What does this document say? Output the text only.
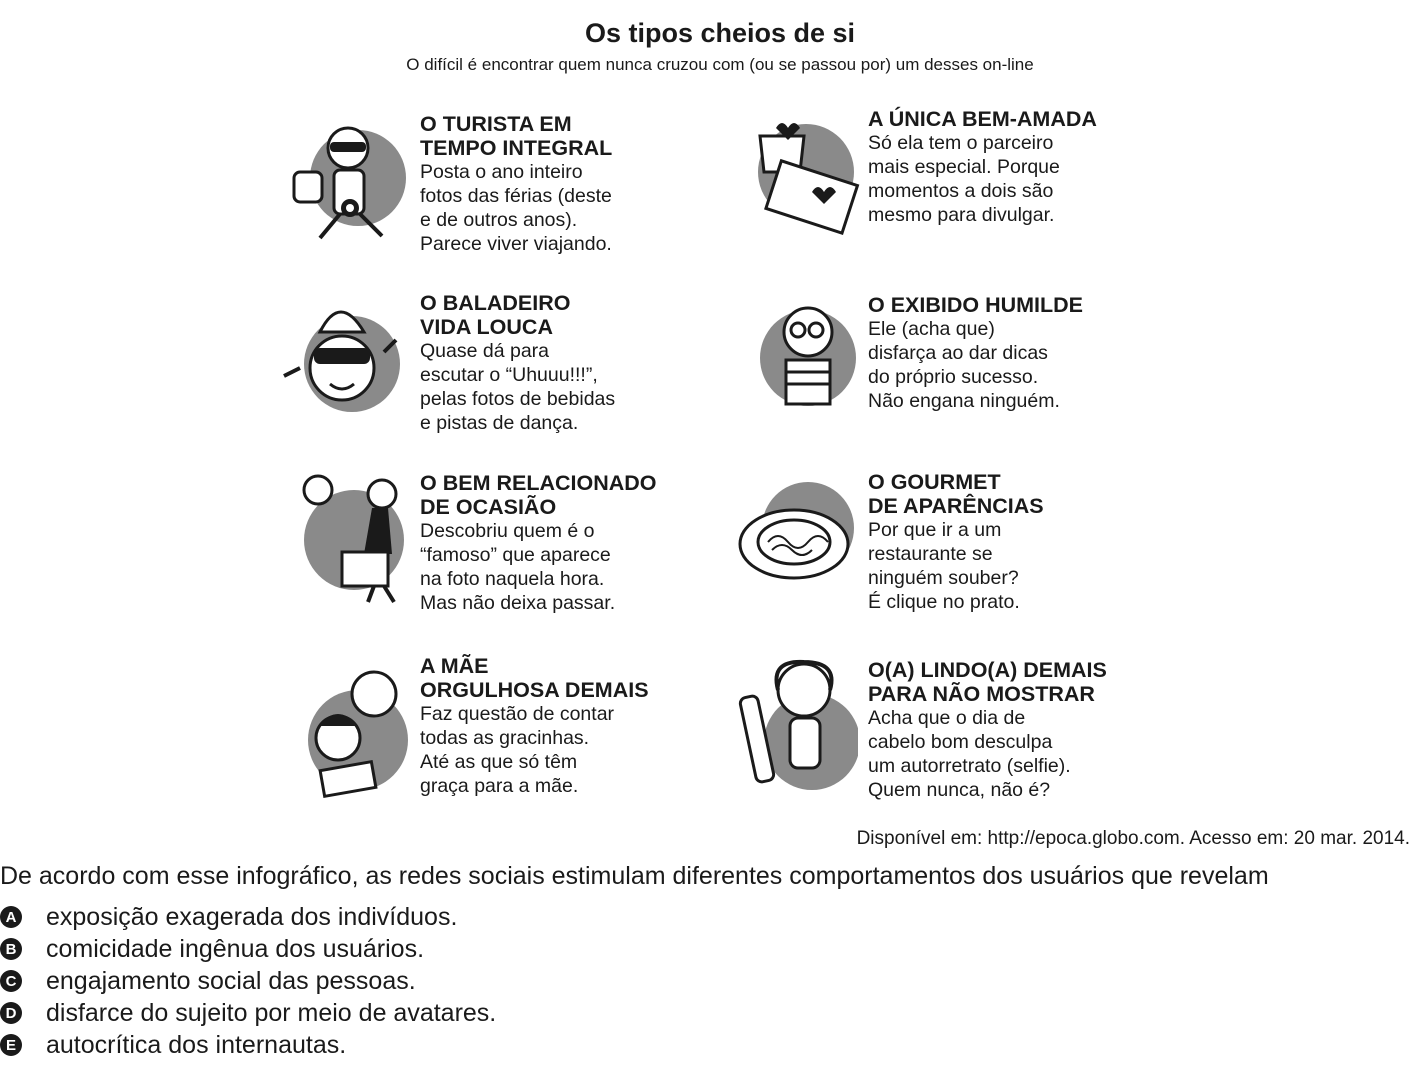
Os tipos cheios de si
O difícil é encontrar quem nunca cruzou com (ou se passou por) um desses on-line
O TURISTA EM
TEMPO INTEGRAL
Posta o ano inteiro
fotos das férias (deste
e de outros anos).
Parece viver viajando.
A ÚNICA BEM-AMADA
Só ela tem o parceiro
mais especial. Porque
momentos a dois são
mesmo para divulgar.
O BALADEIRO
VIDA LOUCA
Quase dá para
escutar o “Uhuuu!!!”,
pelas fotos de bebidas
e pistas de dança.
O EXIBIDO HUMILDE
Ele (acha que)
disfarça ao dar dicas
do próprio sucesso.
Não engana ninguém.
O BEM RELACIONADO
DE OCASIÃO
Descobriu quem é o
“famoso” que aparece
na foto naquela hora.
Mas não deixa passar.
O GOURMET
DE APARÊNCIAS
Por que ir a um
restaurante se
ninguém souber?
É clique no prato.
A MÃE
ORGULHOSA DEMAIS
Faz questão de contar
todas as gracinhas.
Até as que só têm
graça para a mãe.
O(A) LINDO(A) DEMAIS
PARA NÃO MOSTRAR
Acha que o dia de
cabelo bom desculpa
um autorretrato (selfie).
Quem nunca, não é?
Disponível em: http://epoca.globo.com. Acesso em: 20 mar. 2014.
De acordo com esse infográfico, as redes sociais estimulam diferentes comportamentos dos usuários que revelam
A exposição exagerada dos indivíduos.
B comicidade ingênua dos usuários.
C engajamento social das pessoas.
D disfarce do sujeito por meio de avatares.
E autocrítica dos internautas.
